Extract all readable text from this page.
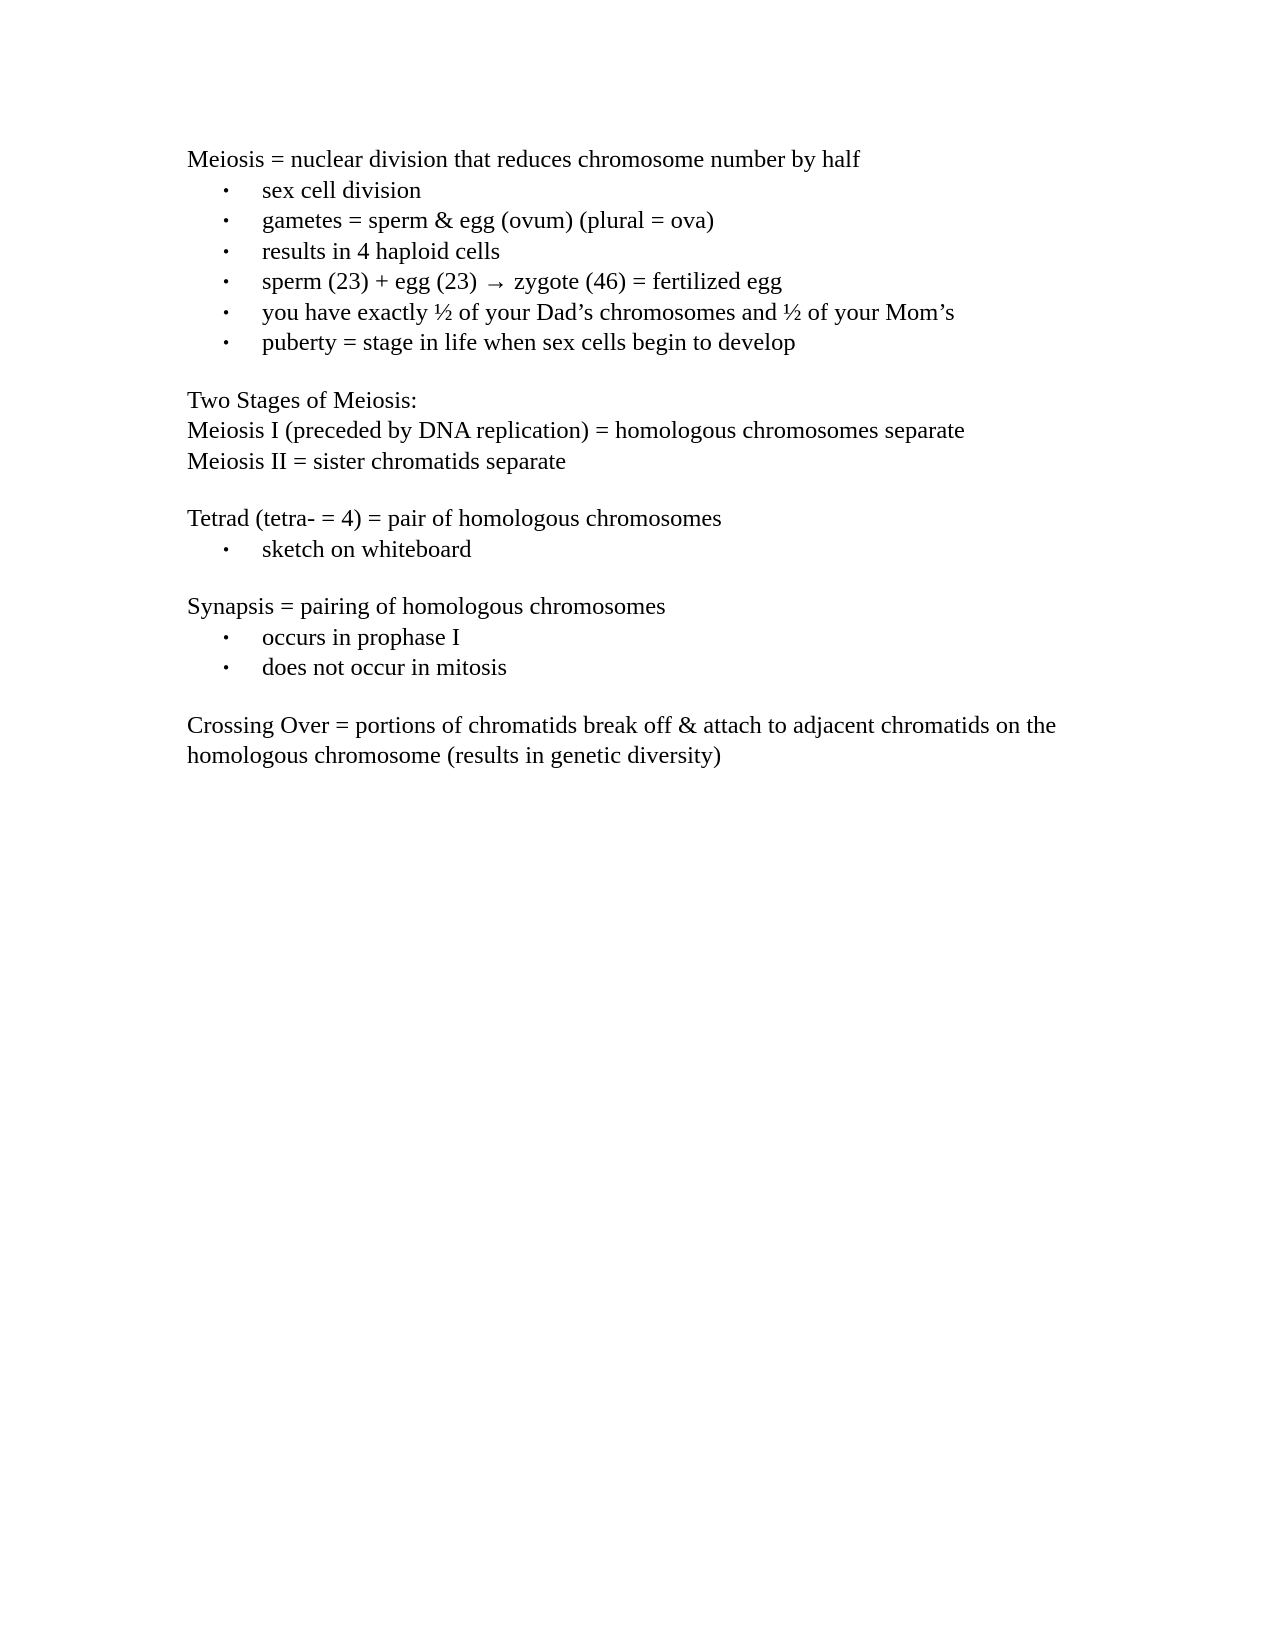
Meiosis = nuclear division that reduces chromosome number by half

• sex cell division
• gametes = sperm & egg (ovum) (plural = ova)
• results in 4 haploid cells
• sperm (23) + egg (23) → zygote (46) = fertilized egg
• you have exactly ½ of your Dad’s chromosomes and ½ of your Mom’s
• puberty = stage in life when sex cells begin to develop

Two Stages of Meiosis:

Meiosis I (preceded by DNA replication) = homologous chromosomes separate

Meiosis II = sister chromatids separate

Tetrad (tetra- = 4) = pair of homologous chromosomes

• sketch on whiteboard

Synapsis = pairing of homologous chromosomes

• occurs in prophase I
• does not occur in mitosis

Crossing Over = portions of chromatids break off & attach to adjacent chromatids on the homologous chromosome (results in genetic diversity)
